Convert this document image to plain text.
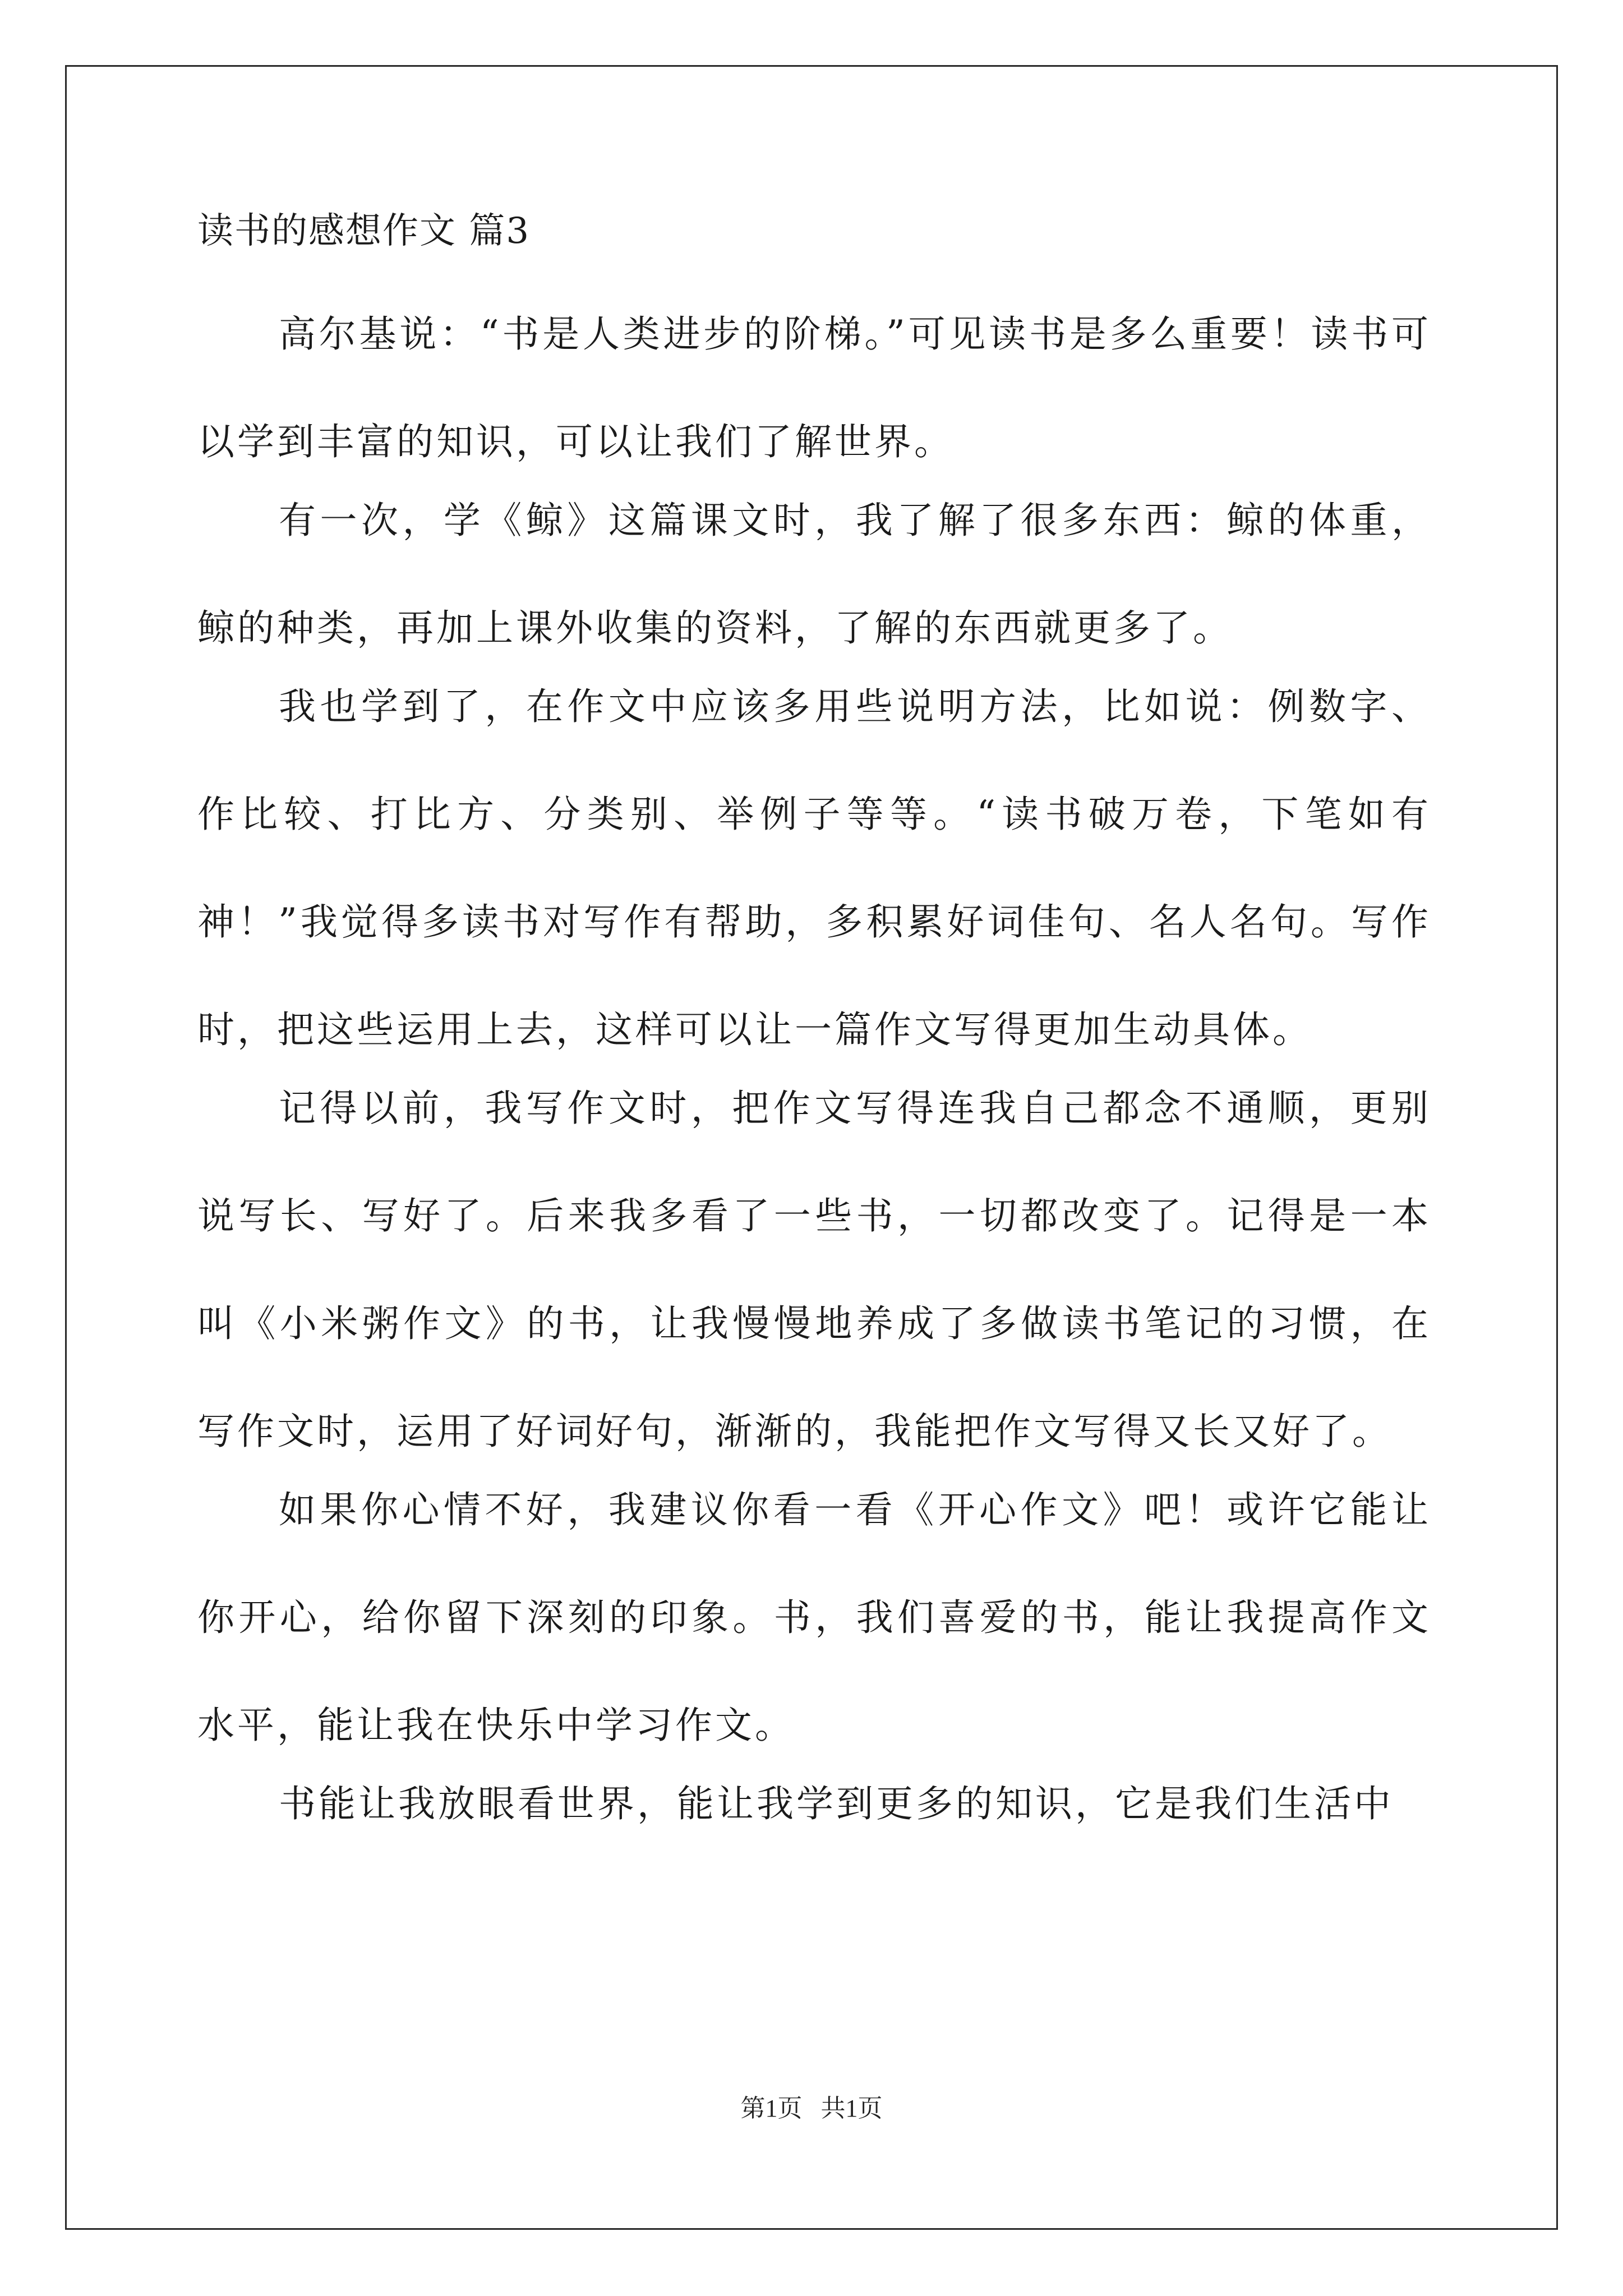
读书的感想作文 篇3

高尔基说：“书是人类进步的阶梯。”可见读书是多么重要！读书可以学到丰富的知识，可以让我们了解世界。

有一次，学《鲸》这篇课文时，我了解了很多东西：鲸的体重，鲸的种类，再加上课外收集的资料，了解的东西就更多了。

我也学到了，在作文中应该多用些说明方法，比如说：例数字、作比较、打比方、分类别、举例子等等。“读书破万卷，下笔如有神！”我觉得多读书对写作有帮助，多积累好词佳句、名人名句。写作时，把这些运用上去，这样可以让一篇作文写得更加生动具体。

记得以前，我写作文时，把作文写得连我自己都念不通顺，更别说写长、写好了。后来我多看了一些书，一切都改变了。记得是一本叫《小米粥作文》的书，让我慢慢地养成了多做读书笔记的习惯，在写作文时，运用了好词好句，渐渐的，我能把作文写得又长又好了。

如果你心情不好，我建议你看一看《开心作文》吧！或许它能让你开心，给你留下深刻的印象。书，我们喜爱的书，能让我提高作文水平，能让我在快乐中学习作文。

书能让我放眼看世界，能让我学到更多的知识，它是我们生活中

第1页   共1页
